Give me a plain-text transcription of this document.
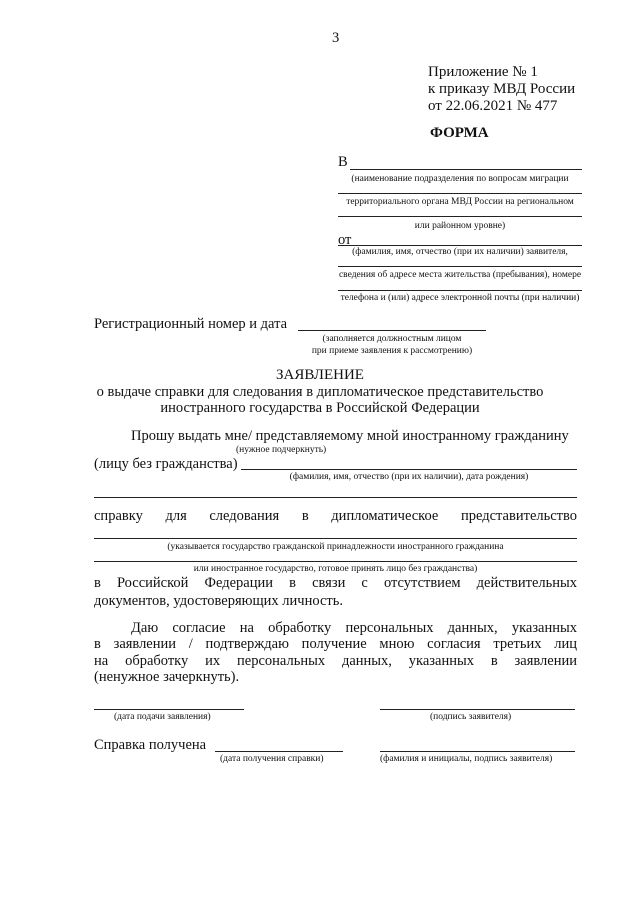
3
Приложение № 1
к приказу МВД России
от 22.06.2021 № 477
ФОРМА
В
(наименование подразделения по вопросам миграции
территориального органа МВД России на региональном
или районном уровне)
от
(фамилия, имя, отчество (при их наличии) заявителя,
сведения об адресе места жительства (пребывания), номере
телефона и (или) адресе электронной почты (при наличии)
Регистрационный номер и дата
(заполняется должностным лицом
при приеме заявления к рассмотрению)
ЗАЯВЛЕНИЕ
о выдаче справки для следования в дипломатическое представительство
иностранного государства в Российской Федерации
Прошу выдать мне/ представляемому мной иностранному гражданину
(нужное подчеркнуть)
(лицу без гражданства)
(фамилия, имя, отчество (при их наличии), дата рождения)
справку для следования в дипломатическое представительство
(указывается государство гражданской принадлежности иностранного гражданина
или иностранное государство, готовое принять лицо без гражданства)
в Российской Федерации в связи с отсутствием действительных
документов, удостоверяющих личность.
Даю согласие на обработку персональных данных, указанных
в заявлении / подтверждаю получение мною согласия третьих лиц
на обработку их персональных данных, указанных в заявлении
(ненужное зачеркнуть).
(дата подачи заявления)	(подпись заявителя)
Справка получена
(дата получения справки)	(фамилия и инициалы, подпись заявителя)
